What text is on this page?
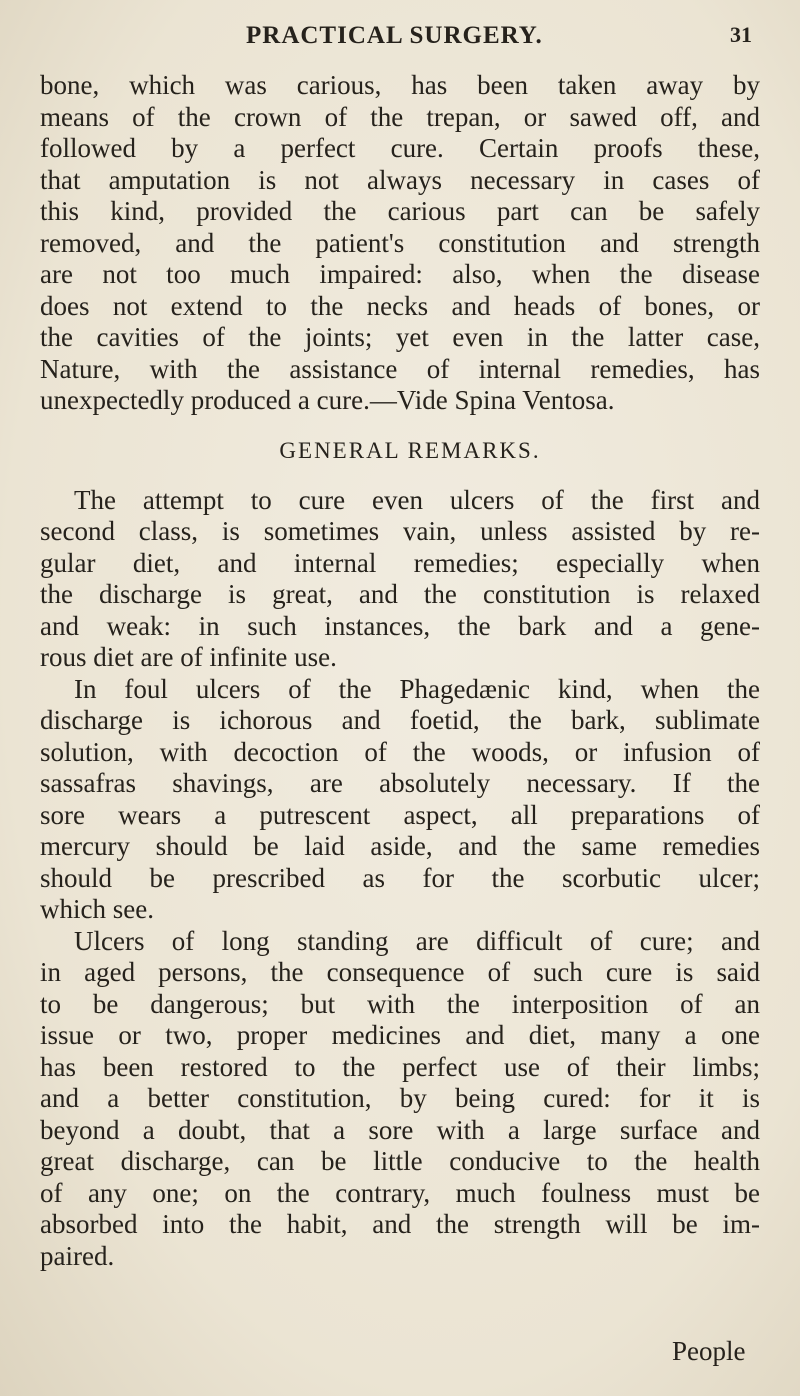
PRACTICAL SURGERY.	31
bone, which was carious, has been taken away by
means of the crown of the trepan, or sawed off, and
followed by a perfect cure. Certain proofs these,
that amputation is not always necessary in cases of
this kind, provided the carious part can be safely
removed, and the patient's constitution and strength
are not too much impaired: also, when the disease
does not extend to the necks and heads of bones, or
the cavities of the joints; yet even in the latter case,
Nature, with the assistance of internal remedies, has
unexpectedly produced a cure.—Vide Spina Ventosa.
GENERAL REMARKS.
The attempt to cure even ulcers of the first and
second class, is sometimes vain, unless assisted by re-
gular diet, and internal remedies; especially when
the discharge is great, and the constitution is relaxed
and weak: in such instances, the bark and a gene-
rous diet are of infinite use.
In foul ulcers of the Phagedænic kind, when the
discharge is ichorous and foetid, the bark, sublimate
solution, with decoction of the woods, or infusion of
sassafras shavings, are absolutely necessary. If the
sore wears a putrescent aspect, all preparations of
mercury should be laid aside, and the same remedies
should be prescribed as for the scorbutic ulcer;
which see.
Ulcers of long standing are difficult of cure; and
in aged persons, the consequence of such cure is said
to be dangerous; but with the interposition of an
issue or two, proper medicines and diet, many a one
has been restored to the perfect use of their limbs;
and a better constitution, by being cured: for it is
beyond a doubt, that a sore with a large surface and
great discharge, can be little conducive to the health
of any one; on the contrary, much foulness must be
absorbed into the habit, and the strength will be im-
paired.
People
